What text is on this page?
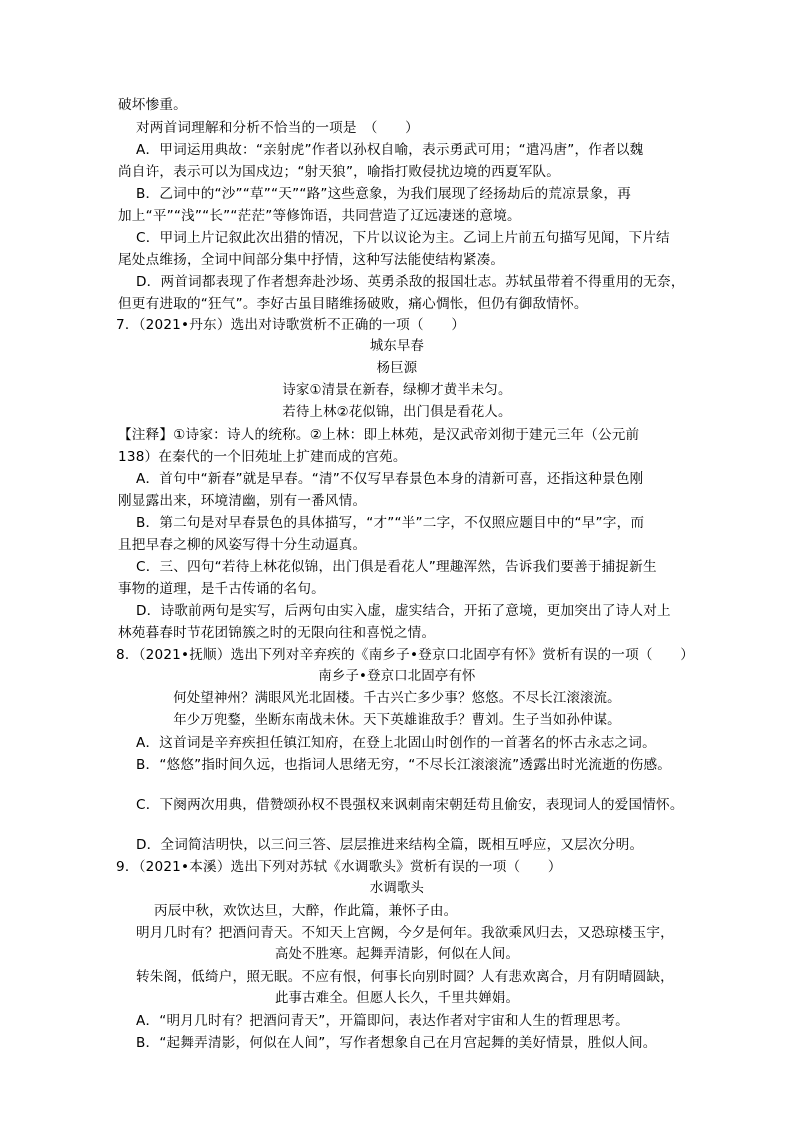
破坏惨重。
对两首词理解和分析不恰当的一项是　（　　）
A．甲词运用典故：“亲射虎”作者以孙权自喻，表示勇武可用；“遣冯唐”，作者以魏
尚自许，表示可以为国戍边；“射天狼”，喻指打败侵扰边境的西夏军队。
B．乙词中的“沙”“草”“天”“路”这些意象，为我们展现了经扬劫后的荒凉景象，再
加上“平”“浅”“长”“茫茫”等修饰语，共同营造了辽远凄迷的意境。
C．甲词上片记叙此次出猎的情况，下片以议论为主。乙词上片前五句描写见闻，下片结
尾处点维扬，全词中间部分集中抒情，这种写法能使结构紧凑。
D．两首词都表现了作者想奔赴沙场、英勇杀敌的报国壮志。苏轼虽带着不得重用的无奈，
但更有进取的“狂气”。李好古虽目睹维扬破败，痛心惆怅，但仍有御敌情怀。
7．（2021•丹东）选出对诗歌赏析不正确的一项（　　）
城东早春
杨巨源
诗家①清景在新春，绿柳才黄半未匀。
若待上林②花似锦，出门俱是看花人。
【注释】①诗家：诗人的统称。②上林：即上林苑，是汉武帝刘彻于建元三年（公元前
138）在秦代的一个旧苑址上扩建而成的宫苑。
A．首句中“新春”就是早春。“清”不仅写早春景色本身的清新可喜，还指这种景色刚
刚显露出来，环境清幽，别有一番风情。
B．第二句是对早春景色的具体描写，“才”“半”二字，不仅照应题目中的“早”字，而
且把早春之柳的风姿写得十分生动逼真。
C．三、四句“若待上林花似锦，出门俱是看花人”理趣浑然，告诉我们要善于捕捉新生
事物的道理，是千古传诵的名句。
D．诗歌前两句是实写，后两句由实入虚，虚实结合，开拓了意境，更加突出了诗人对上
林苑暮春时节花团锦簇之时的无限向往和喜悦之情。
8．（2021•抚顺）选出下列对辛弃疾的《南乡子•登京口北固亭有怀》赏析有误的一项（　　）
南乡子•登京口北固亭有怀
何处望神州？满眼风光北固楼。千古兴亡多少事？悠悠。不尽长江滚滚流。
年少万兜鍪，坐断东南战未休。天下英雄谁敌手？曹刘。生子当如孙仲谋。
A．这首词是辛弃疾担任镇江知府，在登上北固山时创作的一首著名的怀古永志之词。
B．“悠悠”指时间久远，也指词人思绪无穷，“不尽长江滚滚流”透露出时光流逝的伤感。
C．下阕两次用典，借赞颂孙权不畏强权来讽刺南宋朝廷苟且偷安，表现词人的爱国情怀。
D．全词简洁明快，以三问三答、层层推进来结构全篇，既相互呼应，又层次分明。
9．（2021•本溪）选出下列对苏轼《水调歌头》赏析有误的一项（　　）
水调歌头
丙辰中秋，欢饮达旦，大醉，作此篇，兼怀子由。
明月几时有？把酒问青天。不知天上宫阙，今夕是何年。我欲乘风归去，又恐琼楼玉宇，
高处不胜寒。起舞弄清影，何似在人间。
转朱阁，低绮户，照无眠。不应有恨，何事长向别时圆？人有悲欢离合，月有阴晴圆缺，
此事古难全。但愿人长久，千里共婵娟。
A．“明月几时有？把酒问青天”，开篇即问，表达作者对宇宙和人生的哲理思考。
B．“起舞弄清影，何似在人间”，写作者想象自己在月宫起舞的美好情景，胜似人间。
